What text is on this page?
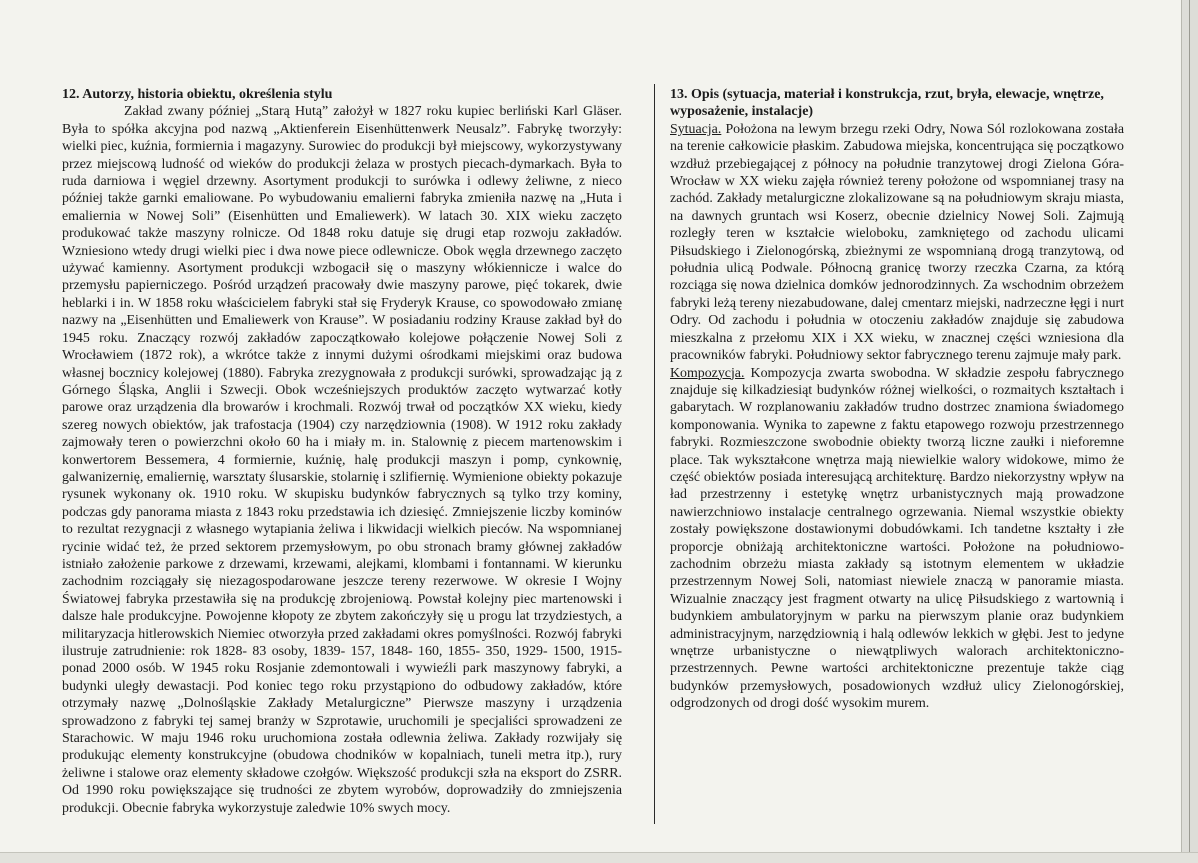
12. Autorzy, historia obiektu, określenia stylu

Zakład zwany później „Starą Hutą” założył w 1827 roku kupiec berliński Karl Gläser. Była to spółka akcyjna pod nazwą „Aktienferein Eisenhüttenwerk Neusalz”. Fabrykę tworzyły: wielki piec, kuźnia, formiernia i magazyny. Surowiec do produkcji był miejscowy, wykorzystywany przez miejscową ludność od wieków do produkcji żelaza w prostych piecach-dymarkach. Była to ruda darniowa i węgiel drzewny. Asortyment produkcji to surówka i odlewy żeliwne, z nieco później także garnki emaliowane. Po wybudowaniu emalierni fabryka zmieniła nazwę na „Huta i emaliernia w Nowej Soli” (Eisenhütten und Emaliewerk). W latach 30. XIX wieku zaczęto produkować także maszyny rolnicze. Od 1848 roku datuje się drugi etap rozwoju zakładów. Wzniesiono wtedy drugi wielki piec i dwa nowe piece odlewnicze. Obok węgla drzewnego zaczęto używać kamienny. Asortyment produkcji wzbogacił się o maszyny włókiennicze i walce do przemysłu papierniczego. Pośród urządzeń pracowały dwie maszyny parowe, pięć tokarek, dwie heblarki i in. W 1858 roku właścicielem fabryki stał się Fryderyk Krause, co spowodowało zmianę nazwy na „Eisenhütten und Emaliewerk von Krause”. W posiadaniu rodziny Krause zakład był do 1945 roku. Znaczący rozwój zakładów zapoczątkowało kolejowe połączenie Nowej Soli z Wrocławiem (1872 rok), a wkrótce także z innymi dużymi ośrodkami miejskimi oraz budowa własnej bocznicy kolejowej (1880). Fabryka zrezygnowała z produkcji surówki, sprowadzając ją z Górnego Śląska, Anglii i Szwecji. Obok wcześniejszych produktów zaczęto wytwarzać kotły parowe oraz urządzenia dla browarów i krochmali. Rozwój trwał od początków XX wieku, kiedy szereg nowych obiektów, jak trafostacja (1904) czy narzędziownia (1908). W 1912 roku zakłady zajmowały teren o powierzchni około 60 ha i miały m. in. Stalownię z piecem martenowskim i konwertorem Bessemera, 4 formiernie, kuźnię, halę produkcji maszyn i pomp, cynkownię, galwanizernię, emaliernię, warsztaty ślusarskie, stolarnię i szlifiernię. Wymienione obiekty pokazuje rysunek wykonany ok. 1910 roku. W skupisku budynków fabrycznych są tylko trzy kominy, podczas gdy panorama miasta z 1843 roku przedstawia ich dziesięć. Zmniejszenie liczby kominów to rezultat rezygnacji z własnego wytapiania żeliwa i likwidacji wielkich pieców. Na wspomnianej rycinie widać też, że przed sektorem przemysłowym, po obu stronach bramy głównej zakładów istniało założenie parkowe z drzewami, krzewami, alejkami, klombami i fontannami. W kierunku zachodnim rozciągały się niezagospodarowane jeszcze tereny rezerwowe. W okresie I Wojny Światowej fabryka przestawiła się na produkcję zbrojeniową. Powstał kolejny piec martenowski i dalsze hale produkcyjne. Powojenne kłopoty ze zbytem zakończyły się u progu lat trzydziestych, a militaryzacja hitlerowskich Niemiec otworzyła przed zakładami okres pomyślności. Rozwój fabryki ilustruje zatrudnienie: rok 1828- 83 osoby, 1839- 157, 1848- 160, 1855- 350, 1929- 1500, 1915- ponad 2000 osób. W 1945 roku Rosjanie zdemontowali i wywieźli park maszynowy fabryki, a budynki uległy dewastacji. Pod koniec tego roku przystąpiono do odbudowy zakładów, które otrzymały nazwę „Dolnośląskie Zakłady Metalurgiczne” Pierwsze maszyny i urządzenia sprowadzono z fabryki tej samej branży w Szprotawie, uruchomili je specjaliści sprowadzeni ze Starachowic. W maju 1946 roku uruchomiona została odlewnia żeliwa. Zakłady rozwijały się produkując elementy konstrukcyjne (obudowa chodników w kopalniach, tuneli metra itp.), rury żeliwne i stalowe oraz elementy składowe czołgów. Większość produkcji szła na eksport do ZSRR. Od 1990 roku powiększające się trudności ze zbytem wyrobów, doprowadziły do zmniejszenia produkcji. Obecnie fabryka wykorzystuje zaledwie 10% swych mocy.

13. Opis (sytuacja, materiał i konstrukcja, rzut, bryła, elewacje, wnętrze, wyposażenie, instalacje)

Sytuacja. Położona na lewym brzegu rzeki Odry, Nowa Sól rozlokowana została na terenie całkowicie płaskim. Zabudowa miejska, koncentrująca się początkowo wzdłuż przebiegającej z północy na południe tranzytowej drogi Zielona Góra- Wrocław w XX wieku zajęła również tereny położone od wspomnianej trasy na zachód. Zakłady metalurgiczne zlokalizowane są na południowym skraju miasta, na dawnych gruntach wsi Koserz, obecnie dzielnicy Nowej Soli. Zajmują rozległy teren w kształcie wieloboku, zamkniętego od zachodu ulicami Piłsudskiego i Zielonogórską, zbieżnymi ze wspomnianą drogą tranzytową, od południa ulicą Podwale. Północną granicę tworzy rzeczka Czarna, za którą rozciąga się nowa dzielnica domków jednorodzinnych. Za wschodnim obrzeżem fabryki leżą tereny niezabudowane, dalej cmentarz miejski, nadrzeczne łęgi i nurt Odry. Od zachodu i południa w otoczeniu zakładów znajduje się zabudowa mieszkalna z przełomu XIX i XX wieku, w znacznej części wzniesiona dla pracowników fabryki. Południowy sektor fabrycznego terenu zajmuje mały park.

Kompozycja. Kompozycja zwarta swobodna. W składzie zespołu fabrycznego znajduje się kilkadziesiąt budynków różnej wielkości, o rozmaitych kształtach i gabarytach. W rozplanowaniu zakładów trudno dostrzec znamiona świadomego komponowania. Wynika to zapewne z faktu etapowego rozwoju przestrzennego fabryki. Rozmieszczone swobodnie obiekty tworzą liczne zaułki i nieforemne place. Tak wykształcone wnętrza mają niewielkie walory widokowe, mimo że część obiektów posiada interesującą architekturę. Bardzo niekorzystny wpływ na ład przestrzenny i estetykę wnętrz urbanistycznych mają prowadzone nawierzchniowo instalacje centralnego ogrzewania. Niemal wszystkie obiekty zostały powiększone dostawionymi dobudówkami. Ich tandetne kształty i złe proporcje obniżają architektoniczne wartości. Położone na południowo- zachodnim obrzeżu miasta zakłady są istotnym elementem w układzie przestrzennym Nowej Soli, natomiast niewiele znaczą w panoramie miasta. Wizualnie znaczący jest fragment otwarty na ulicę Piłsudskiego z wartownią i budynkiem ambulatoryjnym w parku na pierwszym planie oraz budynkiem administracyjnym, narzędziownią i halą odlewów lekkich w głębi. Jest to jedyne wnętrze urbanistyczne o niewątpliwych walorach architektoniczno- przestrzennych. Pewne wartości architektoniczne prezentuje także ciąg budynków przemysłowych, posadowionych wzdłuż ulicy Zielonogórskiej, odgrodzonych od drogi dość wysokim murem.
